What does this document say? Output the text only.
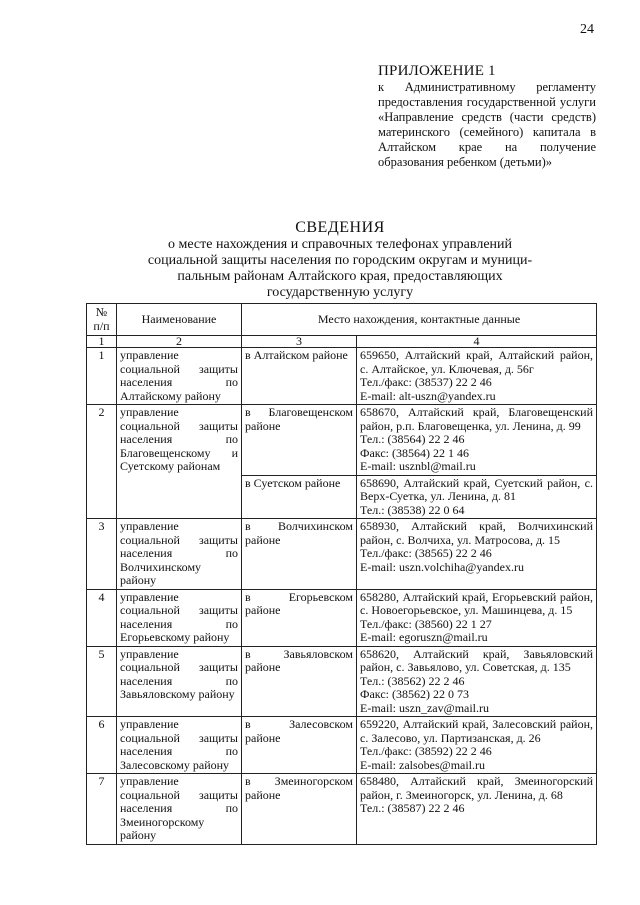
24
ПРИЛОЖЕНИЕ 1
к Административному регламенту предоставления государственной услуги «Направление средств (части средств) материнского (семейного) капитала в Алтайском крае на получение образования ребенком (детьми)»
СВЕДЕНИЯ
о месте нахождения и справочных телефонах управлений
социальной защиты населения по городским округам и муници-
пальным районам Алтайского края, предоставляющих
государственную услугу
№ п/п	Наименование	Место нахождения, контактные данные	
1	2	3	4
1	управление социальной защиты населения по Алтайскому району	в Алтайском районе	659650, Алтайский край, Алтайский район, с. Алтайское, ул. Ключевая, д. 56г
Тел./факс: (38537) 22 2 46
E-mail: alt-uszn@yandex.ru

2	управление социальной защиты населения по Благовещенскому и Суетскому районам	в Благовещенском районе	658670, Алтайский край, Благовещенский район, р.п. Благовещенка, ул. Ленина, д. 99
Тел.: (38564) 22 2 46
Факс: (38564) 22 1 46
E-mail: usznbl@mail.ru

		в Суетском районе	658690, Алтайский край, Суетский район, с. Верх-Суетка, ул. Ленина, д. 81
Тел.: (38538) 22 0 64

3	управление социальной защиты населения по Волчихинскому району	в Волчихинском районе	658930, Алтайский край, Волчихинский район, с. Волчиха, ул. Матросова, д. 15
Тел./факс: (38565) 22 2 46
E-mail: uszn.volchiha@yandex.ru

4	управление социальной защиты населения по Егорьевскому району	в Егорьевском районе	658280, Алтайский край, Егорьевский район, с. Новоегорьевское, ул. Машинцева, д. 15
Тел./факс: (38560) 22 1 27
E-mail: egoruszn@mail.ru

5	управление социальной защиты населения по Завьяловскому району	в Завьяловском районе	658620, Алтайский край, Завьяловский район, с. Завьялово, ул. Советская, д. 135
Тел.: (38562) 22 2 46
Факс: (38562) 22 0 73
E-mail: uszn_zav@mail.ru

6	управление социальной защиты населения по Залесовскому району	в Залесовском районе	659220, Алтайский край, Залесовский район, с. Залесово, ул. Партизанская, д. 26
Тел./факс: (38592) 22 2 46
E-mail: zalsobes@mail.ru

7	управление социальной защиты населения по Змеиногорскому району	в Змеиногорском районе	658480, Алтайский край, Змеиногорский район, г. Змеиногорск, ул. Ленина, д. 68
Тел.: (38587) 22 2 46
